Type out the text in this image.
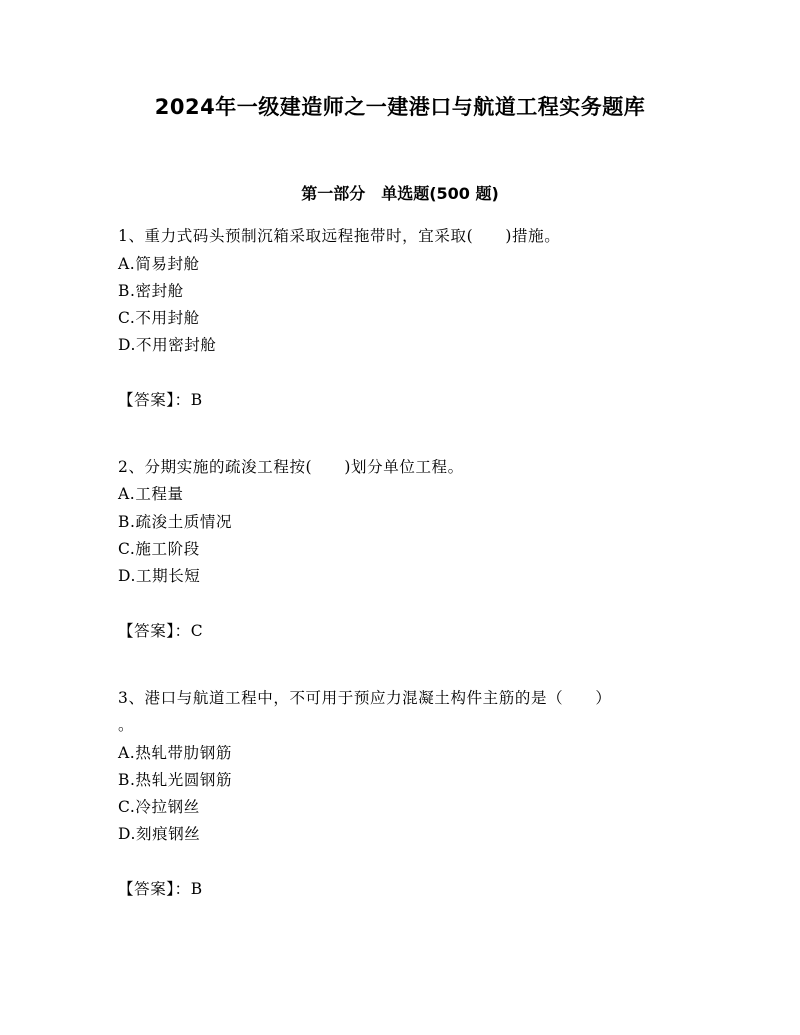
2024年一级建造师之一建港口与航道工程实务题库
第一部分　单选题(500 题)
1、重力式码头预制沉箱采取远程拖带时，宜采取(　　)措施。
A.简易封舱
B.密封舱
C.不用封舱
D.不用密封舱
【答案】：B
2、分期实施的疏浚工程按(　　)划分单位工程。
A.工程量
B.疏浚土质情况
C.施工阶段
D.工期长短
【答案】：C
3、港口与航道工程中，不可用于预应力混凝土构件主筋的是（　　）
。
A.热轧带肋钢筋
B.热轧光圆钢筋
C.冷拉钢丝
D.刻痕钢丝
【答案】：B
